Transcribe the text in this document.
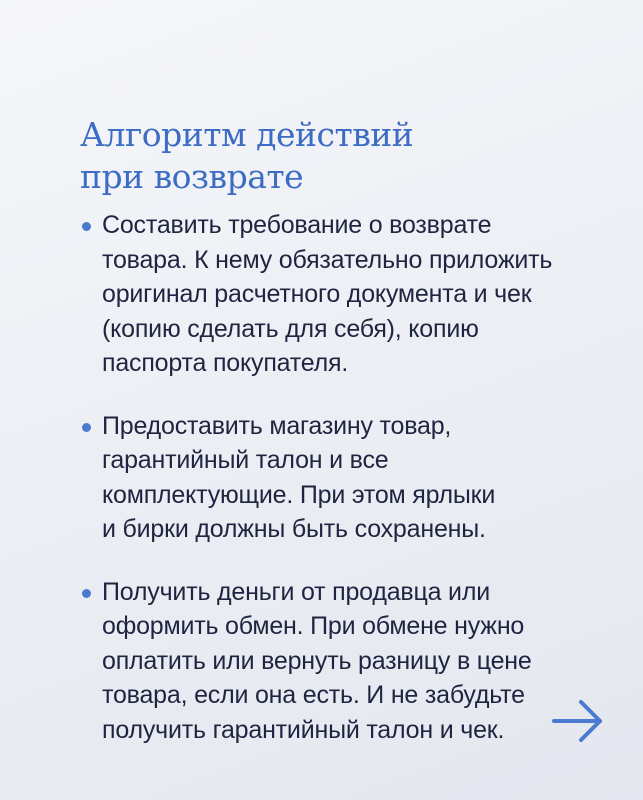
Алгоритм действий
при возврате
Составить требование о возврате
товара. К нему обязательно приложить
оригинал расчетного документа и чек
(копию сделать для себя), копию
паспорта покупателя.
Предоставить магазину товар,
гарантийный талон и все
комплектующие. При этом ярлыки
и бирки должны быть сохранены.
Получить деньги от продавца или
оформить обмен. При обмене нужно
оплатить или вернуть разницу в цене
товара, если она есть. И не забудьте
получить гарантийный талон и чек.
